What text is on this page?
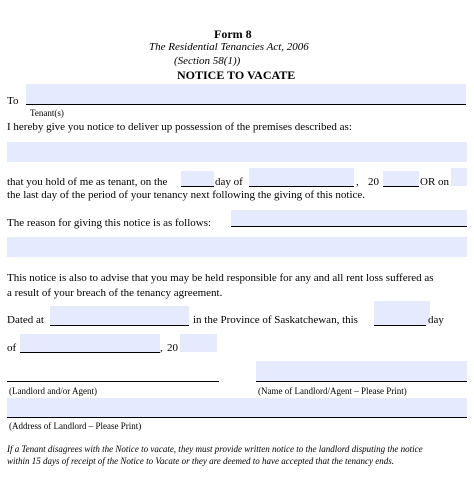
Form 8
The Residential Tenancies Act, 2006
(Section 58(1))
NOTICE TO VACATE
To
Tenant(s)
I hereby give you notice to deliver up possession of the premises described as:
that you hold of me as tenant, on the	day of	, 20	OR on
the last day of the period of your tenancy next following the giving of this notice.
The reason for giving this notice is as follows:
This notice is also to advise that you may be held responsible for any and all rent loss suffered as
a result of your breach of the tenancy agreement.
Dated at	in the Province of Saskatchewan, this	day
of	, 20
(Landlord and/or Agent)	(Name of Landlord/Agent – Please Print)
(Address of Landlord – Please Print)
If a Tenant disagrees with the Notice to vacate, they must provide written notice to the landlord disputing the notice
within 15 days of receipt of the Notice to Vacate or they are deemed to have accepted that the tenancy ends.
